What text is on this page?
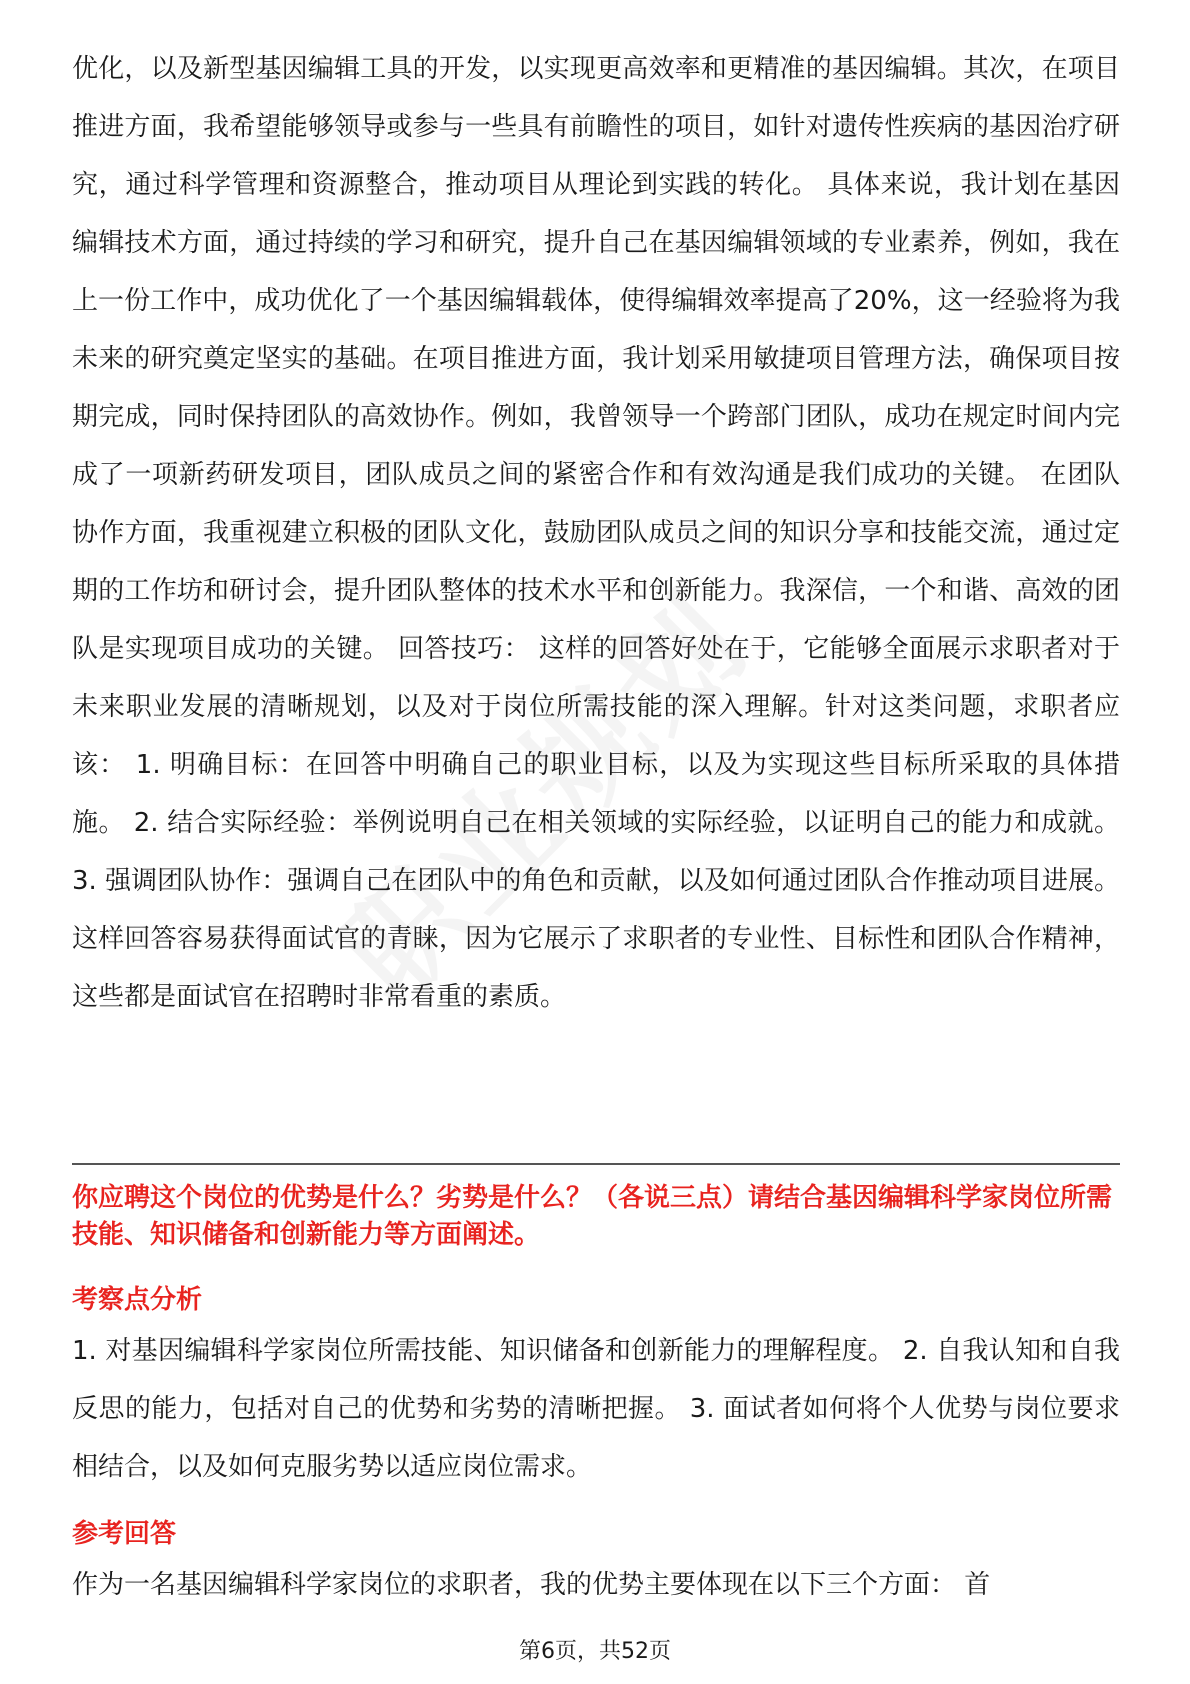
优化，以及新型基因编辑工具的开发，以实现更高效率和更精准的基因编辑。其次，在项目推进方面，我希望能够领导或参与一些具有前瞻性的项目，如针对遗传性疾病的基因治疗研究，通过科学管理和资源整合，推动项目从理论到实践的转化。 具体来说，我计划在基因编辑技术方面，通过持续的学习和研究，提升自己在基因编辑领域的专业素养，例如，我在上一份工作中，成功优化了一个基因编辑载体，使得编辑效率提高了20%，这一经验将为我未来的研究奠定坚实的基础。在项目推进方面，我计划采用敏捷项目管理方法，确保项目按期完成，同时保持团队的高效协作。例如，我曾领导一个跨部门团队，成功在规定时间内完成了一项新药研发项目，团队成员之间的紧密合作和有效沟通是我们成功的关键。 在团队协作方面，我重视建立积极的团队文化，鼓励团队成员之间的知识分享和技能交流，通过定期的工作坊和研讨会，提升团队整体的技术水平和创新能力。我深信，一个和谐、高效的团队是实现项目成功的关键。 回答技巧： 这样的回答好处在于，它能够全面展示求职者对于未来职业发展的清晰规划，以及对于岗位所需技能的深入理解。针对这类问题，求职者应该： 1. 明确目标：在回答中明确自己的职业目标，以及为实现这些目标所采取的具体措施。 2. 结合实际经验：举例说明自己在相关领域的实际经验，以证明自己的能力和成就。 3. 强调团队协作：强调自己在团队中的角色和贡献，以及如何通过团队合作推动项目进展。 这样回答容易获得面试官的青睐，因为它展示了求职者的专业性、目标性和团队合作精神，这些都是面试官在招聘时非常看重的素质。

你应聘这个岗位的优势是什么？劣势是什么？（各说三点）请结合基因编辑科学家岗位所需技能、知识储备和创新能力等方面阐述。

考察点分析

1. 对基因编辑科学家岗位所需技能、知识储备和创新能力的理解程度。 2. 自我认知和自我反思的能力，包括对自己的优势和劣势的清晰把握。 3. 面试者如何将个人优势与岗位要求相结合，以及如何克服劣势以适应岗位需求。

参考回答

作为一名基因编辑科学家岗位的求职者，我的优势主要体现在以下三个方面： 首

第6页，共52页
